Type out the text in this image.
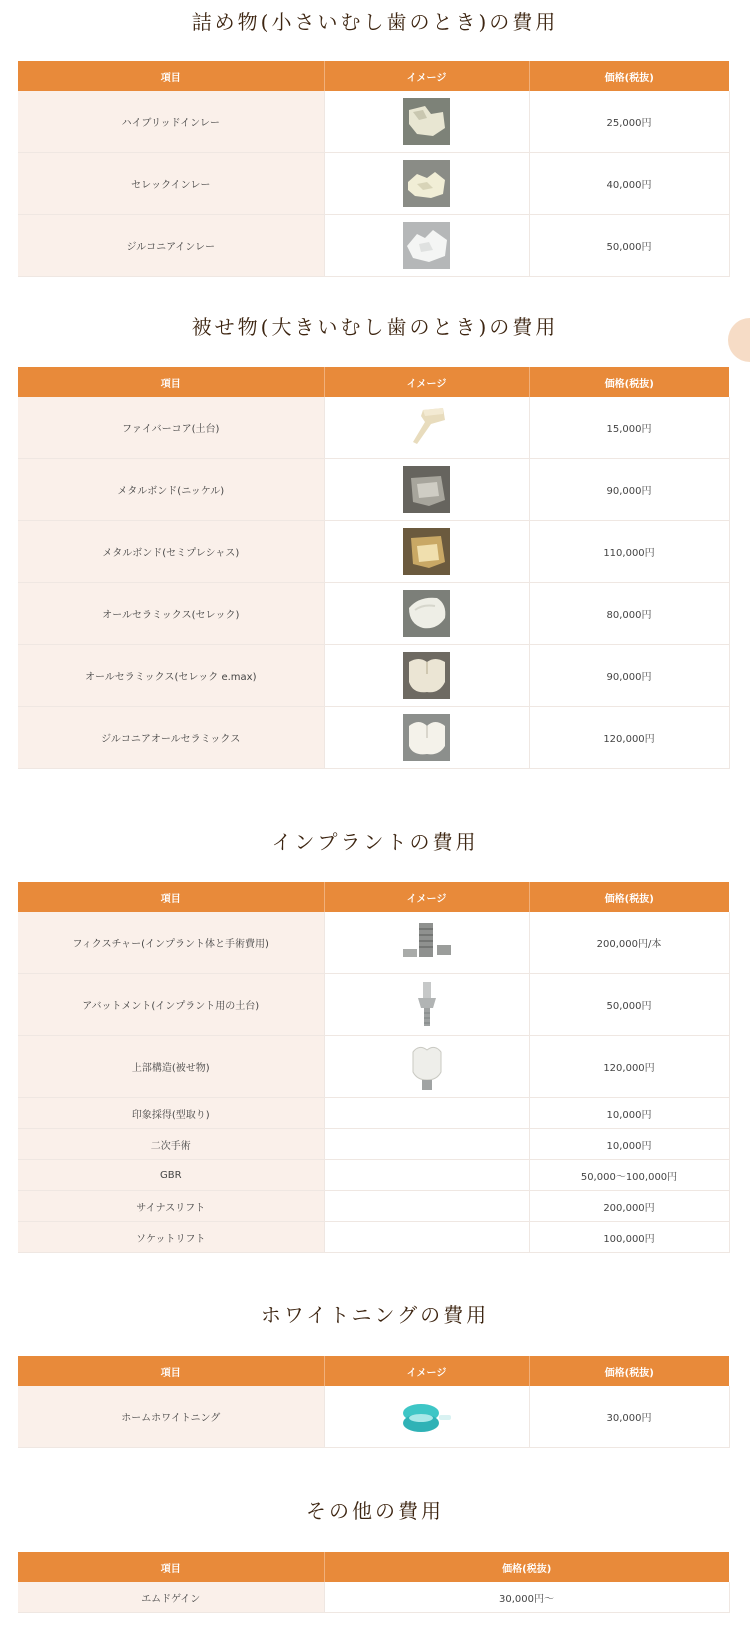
詰め物(小さいむし歯のとき)の費用
項目	イメージ	価格(税抜)
ハイブリッドインレー		25,000円
セレックインレー		40,000円
ジルコニアインレー		50,000円
被せ物(大きいむし歯のとき)の費用
項目	イメージ	価格(税抜)
ファイバーコア(土台)		15,000円
メタルボンド(ニッケル)		90,000円
メタルボンド(セミプレシャス)		110,000円
オールセラミックス(セレック)		80,000円
オールセラミックス(セレック e.max)		90,000円
ジルコニアオールセラミックス		120,000円
インプラントの費用
項目	イメージ	価格(税抜)
フィクスチャー(インプラント体と手術費用)		200,000円/本
アバットメント(インプラント用の土台)		50,000円
上部構造(被せ物)		120,000円
印象採得(型取り)		10,000円
二次手術		10,000円
GBR		50,000〜100,000円
サイナスリフト		200,000円
ソケットリフト		100,000円
ホワイトニングの費用
項目	イメージ	価格(税抜)
ホームホワイトニング		30,000円
その他の費用
項目	価格(税抜)
エムドゲイン	30,000円〜
